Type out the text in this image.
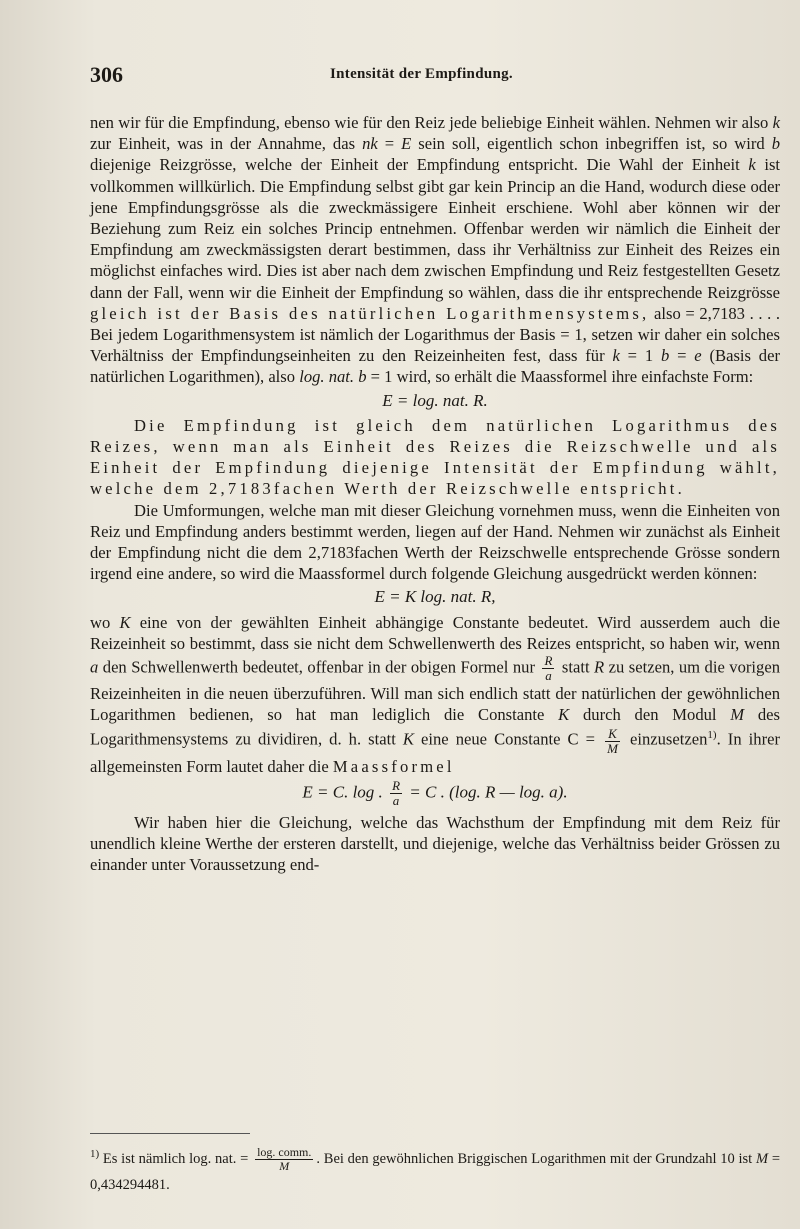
306	Intensität der Empfindung.

nen wir für die Empfindung, ebenso wie für den Reiz jede beliebige Einheit wählen. Nehmen wir also k zur Einheit, was in der Annahme, das nk = E sein soll, eigentlich schon inbegriffen ist, so wird b diejenige Reizgrösse, welche der Einheit der Empfindung entspricht. Die Wahl der Einheit k ist vollkommen willkürlich. Die Empfindung selbst gibt gar kein Princip an die Hand, wodurch diese oder jene Empfindungsgrösse als die zweckmässigere Einheit erschiene. Wohl aber können wir der Beziehung zum Reiz ein solches Princip entnehmen. Offenbar werden wir nämlich die Einheit der Empfindung am zweckmässigsten derart bestimmen, dass ihr Verhältniss zur Einheit des Reizes ein möglichst einfaches wird. Dies ist aber nach dem zwischen Empfindung und Reiz festgestellten Gesetz dann der Fall, wenn wir die Einheit der Empfindung so wählen, dass die ihr entsprechende Reizgrösse gleich ist der Basis des natürlichen Logarithmensystems, also = 2,7183 . . . . Bei jedem Logarithmensystem ist nämlich der Logarithmus der Basis = 1, setzen wir daher ein solches Verhältniss der Empfindungseinheiten zu den Reizeinheiten fest, dass für k = 1 b = e (Basis der natürlichen Logarithmen), also log. nat. b = 1 wird, so erhält die Maassformel ihre einfachste Form:

E = log. nat. R.

Die Empfindung ist gleich dem natürlichen Logarithmus des Reizes, wenn man als Einheit des Reizes die Reizschwelle und als Einheit der Empfindung diejenige Intensität der Empfindung wählt, welche dem 2,7183fachen Werth der Reizschwelle entspricht.

Die Umformungen, welche man mit dieser Gleichung vornehmen muss, wenn die Einheiten von Reiz und Empfindung anders bestimmt werden, liegen auf der Hand. Nehmen wir zunächst als Einheit der Empfindung nicht die dem 2,7183fachen Werth der Reizschwelle entsprechende Grösse sondern irgend eine andere, so wird die Maassformel durch folgende Gleichung ausgedrückt werden können:

E = K log. nat. R,

wo K eine von der gewählten Einheit abhängige Constante bedeutet. Wird ausserdem auch die Reizeinheit so bestimmt, dass sie nicht dem Schwellenwerth des Reizes entspricht, so haben wir, wenn a den Schwellenwerth bedeutet, offenbar in der obigen Formel nur $\frac{R}{a}$ statt R zu setzen, um die vorigen Reizeinheiten in die neuen überzuführen. Will man sich endlich statt der natürlichen der gewöhnlichen Logarithmen bedienen, so hat man lediglich die Constante K durch den Modul M des Logarithmensystems zu dividiren, d. h. statt K eine neue Constante $C = \frac{K}{M}$ einzusetzen$^{1)}$. In ihrer allgemeinsten Form lautet daher die Maassformel

E = C. log . $\frac{R}{a} = C$ . (log. R — log. a).

Wir haben hier die Gleichung, welche das Wachsthum der Empfindung mit dem Reiz für unendlich kleine Werthe der ersteren darstellt, und diejenige, welche das Verhältniss beider Grössen zu einander unter Voraussetzung end-

$^{1)}$ Es ist nämlich log. nat. = $\frac{\text{log. comm.}}{M}$ . Bei den gewöhnlichen Briggischen Logarithmen mit der Grundzahl 10 ist M = 0,434294481.
